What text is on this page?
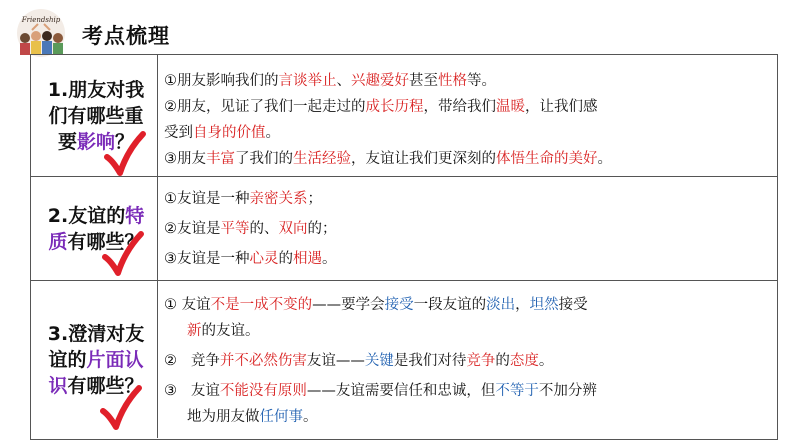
Friendship
考点梳理
1.朋友对我
们有哪些重
要影响？
①朋友影响我们的言谈举止、兴趣爱好甚至性格等。
②朋友，见证了我们一起走过的成长历程，带给我们温暖，让我们感
受到自身的价值。
③朋友丰富了我们的生活经验，友谊让我们更深刻的体悟生命的美好。
2.友谊的特
质有哪些？
①友谊是一种亲密关系；
②友谊是平等的、双向的；
③友谊是一种心灵的相遇。
3.澄清对友
谊的片面认
识有哪些？
① 友谊不是一成不变的——要学会接受一段友谊的淡出，坦然接受
新的友谊。
②   竞争并不必然伤害友谊——关键是我们对待竞争的态度。
③   友谊不能没有原则——友谊需要信任和忠诚，但不等于不加分辨
地为朋友做任何事。
